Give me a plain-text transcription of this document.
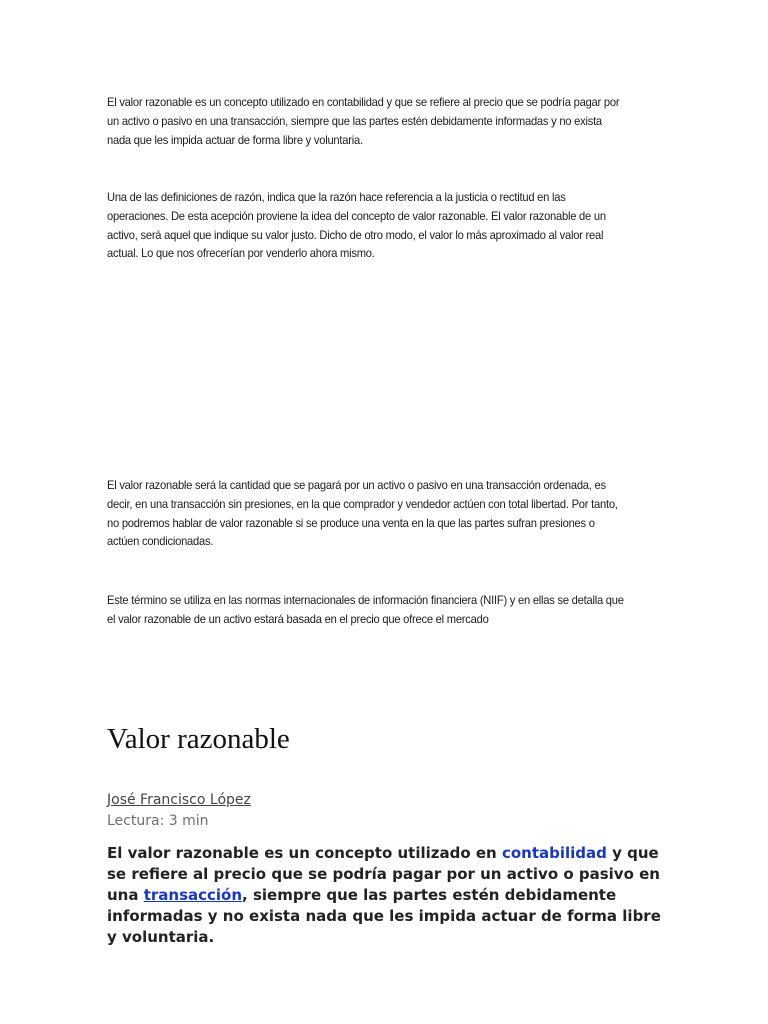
El valor razonable es un concepto utilizado en contabilidad y que se refiere al precio que se podría pagar por un activo o pasivo en una transacción, siempre que las partes estén debidamente informadas y no exista nada que les impida actuar de forma libre y voluntaria.

Una de las definiciones de razón, indica que la razón hace referencia a la justicia o rectitud en las operaciones. De esta acepción proviene la idea del concepto de valor razonable. El valor razonable de un activo, será aquel que indique su valor justo. Dicho de otro modo, el valor lo más aproximado al valor real actual. Lo que nos ofrecerían por venderlo ahora mismo.

El valor razonable será la cantidad que se pagará por un activo o pasivo en una transacción ordenada, es decir, en una transacción sin presiones, en la que comprador y vendedor actúen con total libertad. Por tanto, no podremos hablar de valor razonable si se produce una venta en la que las partes sufran presiones o actúen condicionadas.

Este término se utiliza en las normas internacionales de información financiera (NIIF) y en ellas se detalla que el valor razonable de un activo estará basada en el precio que ofrece el mercado

Valor razonable
José Francisco López
Lectura: 3 min

El valor razonable es un concepto utilizado en contabilidad y que se refiere al precio que se podría pagar por un activo o pasivo en una transacción, siempre que las partes estén debidamente informadas y no exista nada que les impida actuar de forma libre y voluntaria.
